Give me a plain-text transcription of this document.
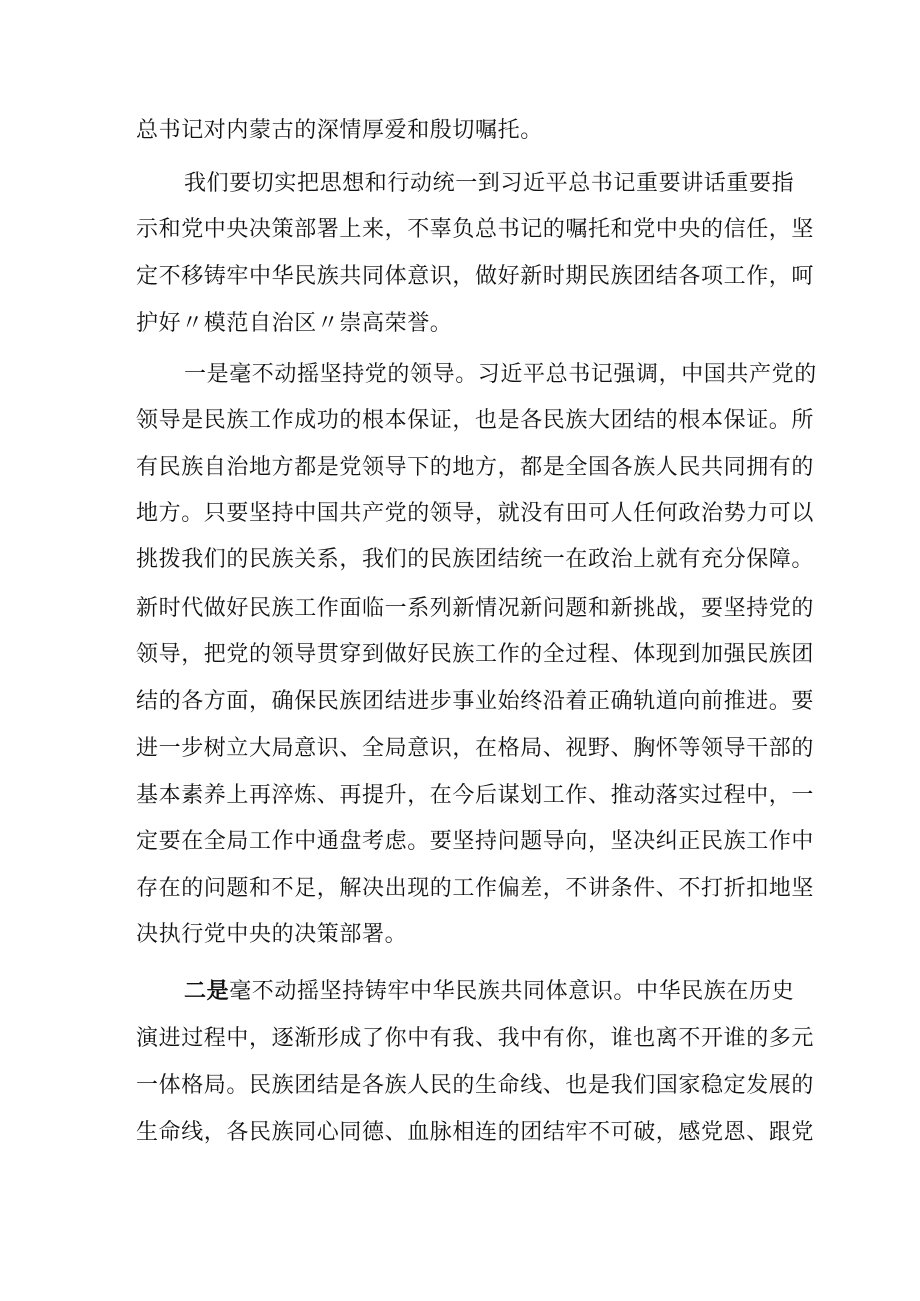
总书记对内蒙古的深情厚爱和殷切嘱托。
我们要切实把思想和行动统一到习近平总书记重要讲话重要指
示和党中央决策部署上来，不辜负总书记的嘱托和党中央的信任，坚
定不移铸牢中华民族共同体意识，做好新时期民族团结各项工作，呵
护好〃模范自治区〃崇高荣誉。
一是毫不动摇坚持党的领导。习近平总书记强调，中国共产党的
领导是民族工作成功的根本保证，也是各民族大团结的根本保证。所
有民族自治地方都是党领导下的地方，都是全国各族人民共同拥有的
地方。只要坚持中国共产党的领导，就没有田可人任何政治势力可以
挑拨我们的民族关系，我们的民族团结统一在政治上就有充分保障。
新时代做好民族工作面临一系列新情况新问题和新挑战，要坚持党的
领导，把党的领导贯穿到做好民族工作的全过程、体现到加强民族团
结的各方面，确保民族团结进步事业始终沿着正确轨道向前推进。要
进一步树立大局意识、全局意识，在格局、视野、胸怀等领导干部的
基本素养上再淬炼、再提升，在今后谋划工作、推动落实过程中，一
定要在全局工作中通盘考虑。要坚持问题导向，坚决纠正民族工作中
存在的问题和不足，解决出现的工作偏差，不讲条件、不打折扣地坚
决执行党中央的决策部署。
二是毫不动摇坚持铸牢中华民族共同体意识。中华民族在历史
演进过程中，逐渐形成了你中有我、我中有你，谁也离不开谁的多元
一体格局。民族团结是各族人民的生命线、也是我们国家稳定发展的
生命线，各民族同心同德、血脉相连的团结牢不可破，感党恩、跟党
